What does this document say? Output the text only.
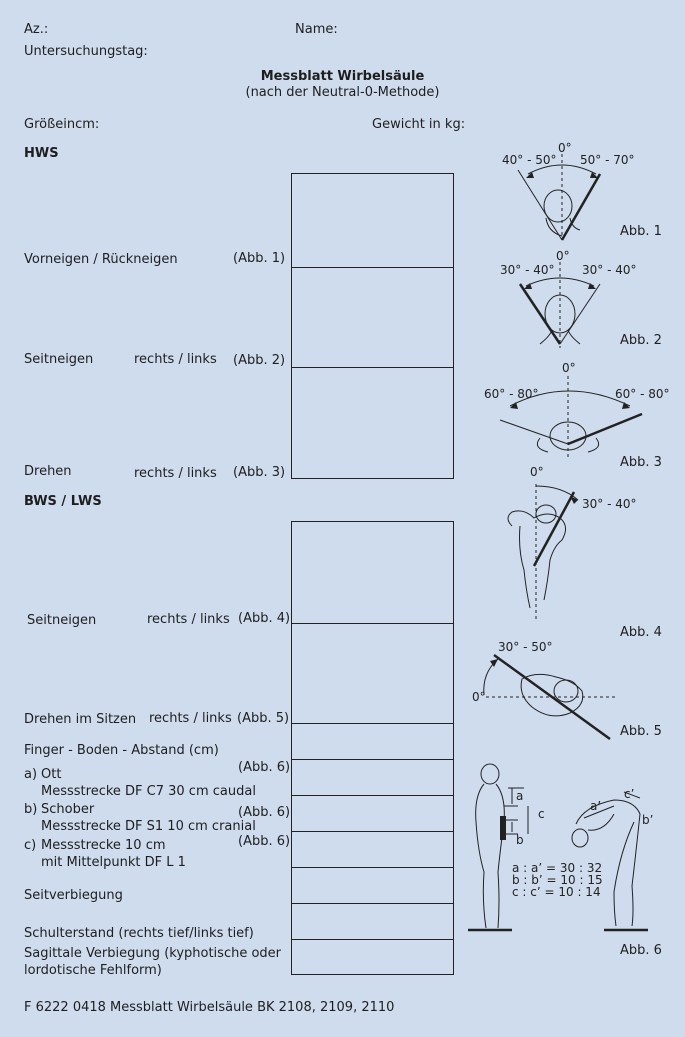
Az.:	Name:
Untersuchungstag:
Messblatt Wirbelsäule
(nach der Neutral-0-Methode)
Größeincm:	Gewicht in kg:
HWS
Vorneigen / Rückneigen	(Abb. 1)
Seitneigen	rechts / links (Abb. 2)
Drehen	rechts / links (Abb. 3)
BWS / LWS
Seitneigen	rechts / links (Abb. 4)
Drehen im Sitzen rechts / links (Abb. 5)
Finger - Boden - Abstand (cm)
a) Ott
Messstrecke DF C7 30 cm caudal
(Abb. 6)
b) Schober
Messstrecke DF S1 10 cm cranial
(Abb. 6)
c) Messstrecke 10 cm
mit Mittelpunkt DF L 1
(Abb. 6)
Seitverbiegung
Schulterstand (rechts tief/links tief)
Sagittale Verbiegung (kyphotische oder
lordotische Fehlform)
0°
40° - 50° 50° - 70°
Abb. 1
0°
30° - 40° 30° - 40°
Abb. 2
0°
60° - 80°	60° - 80°
Abb. 3
0°
30° - 40°
Abb. 4
30° - 50°
0°
Abb. 5
a
c
b
a’
c’
b’
a : a’ = 30 : 32
b : b’ = 10 : 15
c : c’ = 10 : 14
Abb. 6
F 6222 0418 Messblatt Wirbelsäule BK 2108, 2109, 2110
